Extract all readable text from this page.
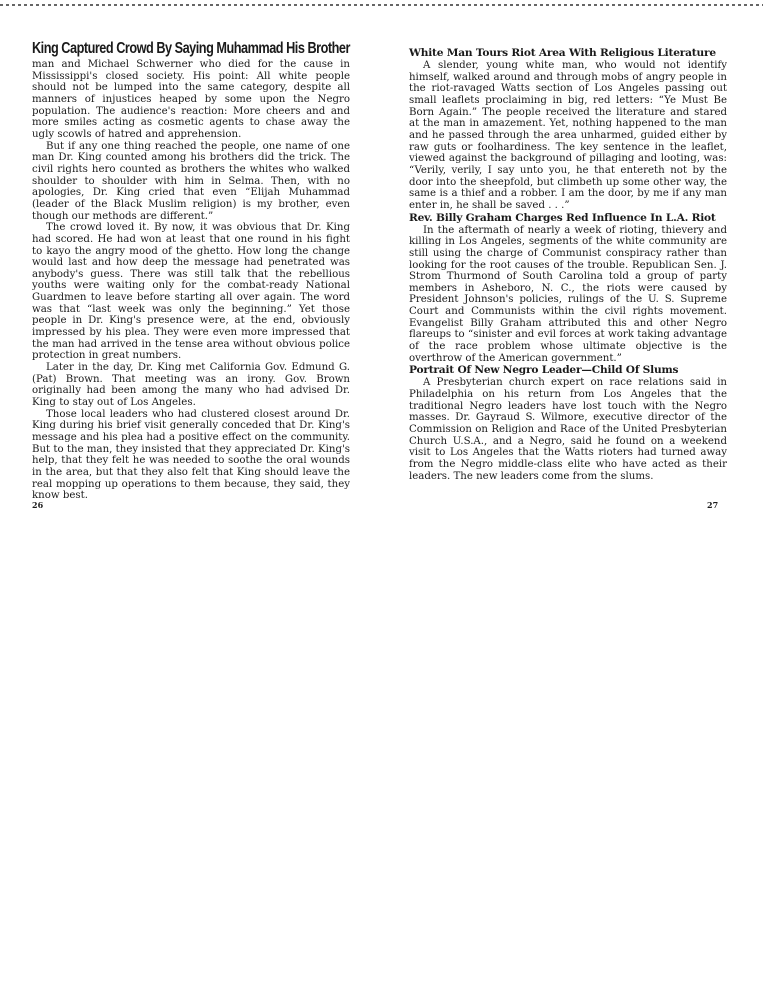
King Captured Crowd By Saying Muhammad His Brother

man and Michael Schwerner who died for the cause in Mississippi's closed society. His point: All white people should not be lumped into the same category, despite all manners of injustices heaped by some upon the Negro population. The audience's reaction: More cheers and and more smiles acting as cosmetic agents to chase away the ugly scowls of hatred and apprehension.

But if any one thing reached the people, one name of one man Dr. King counted among his brothers did the trick. The civil rights hero counted as brothers the whites who walked shoulder to shoulder with him in Selma. Then, with no apologies, Dr. King cried that even “Elijah Muhammad (leader of the Black Muslim religion) is my brother, even though our methods are different.”

The crowd loved it. By now, it was obvious that Dr. King had scored. He had won at least that one round in his fight to kayo the angry mood of the ghetto. How long the change would last and how deep the message had penetrated was anybody's guess. There was still talk that the rebellious youths were waiting only for the combat-ready National Guardmen to leave before starting all over again. The word was that “last week was only the beginning.” Yet those people in Dr. King's presence were, at the end, obviously impressed by his plea. They were even more impressed that the man had arrived in the tense area without obvious police protection in great numbers.

Later in the day, Dr. King met California Gov. Edmund G. (Pat) Brown. That meeting was an irony. Gov. Brown originally had been among the many who had advised Dr. King to stay out of Los Angeles.

Those local leaders who had clustered closest around Dr. King during his brief visit generally conceded that Dr. King's message and his plea had a positive effect on the community. But to the man, they insisted that they appreciated Dr. King's help, that they felt he was needed to soothe the oral wounds in the area, but that they also felt that King should leave the real mopping up operations to them because, they said, they know best.

26
White Man Tours Riot Area With Religious Literature

A slender, young white man, who would not identify himself, walked around and through mobs of angry people in the riot-ravaged Watts section of Los Angeles passing out small leaflets proclaiming in big, red letters: “Ye Must Be Born Again.” The people received the literature and stared at the man in amazement. Yet, nothing happened to the man and he passed through the area unharmed, guided either by raw guts or foolhardiness. The key sentence in the leaflet, viewed against the background of pillaging and looting, was: “Verily, verily, I say unto you, he that entereth not by the door into the sheepfold, but climbeth up some other way, the same is a thief and a robber. I am the door, by me if any man enter in, he shall be saved . . .”

Rev. Billy Graham Charges Red Influence In L.A. Riot

In the aftermath of nearly a week of rioting, thievery and killing in Los Angeles, segments of the white community are still using the charge of Communist conspiracy rather than looking for the root causes of the trouble. Republican Sen. J. Strom Thurmond of South Carolina told a group of party members in Asheboro, N. C., the riots were caused by President Johnson's policies, rulings of the U. S. Supreme Court and Communists within the civil rights movement. Evangelist Billy Graham attributed this and other Negro flareups to “sinister and evil forces at work taking advantage of the race problem whose ultimate objective is the overthrow of the American government.”

Portrait Of New Negro Leader—Child Of Slums

A Presbyterian church expert on race relations said in Philadelphia on his return from Los Angeles that the traditional Negro leaders have lost touch with the Negro masses. Dr. Gayraud S. Wilmore, executive director of the Commission on Religion and Race of the United Presbyterian Church U.S.A., and a Negro, said he found on a weekend visit to Los Angeles that the Watts rioters had turned away from the Negro middle-class elite who have acted as their leaders. The new leaders come from the slums.

27
